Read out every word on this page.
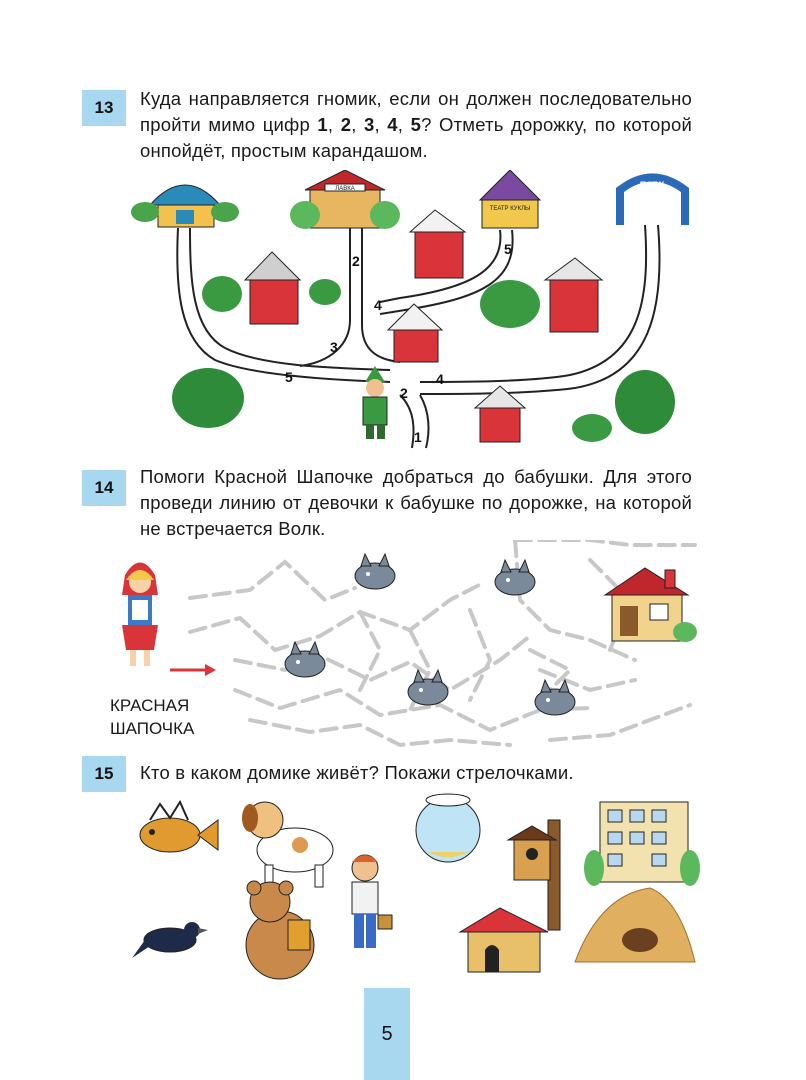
13	Куда направляется гномик, если он должен последовательно пройти мимо цифр 1, 2, 3, 4, 5? Отметь дорожку, по которой онпойдёт, простым карандашом.
ЛАВКА
ТЕАТР КУКЛЫ
ПАРК
1
2
2
3
4
4
5
5
14
Помоги Красной Шапочке добраться до бабушки. Для этого проведи линию от девочки к бабушке по дорожке, на которой не встречается Волк.
КРАСНАЯ
ШАПОЧКА
15	Кто в каком домике живёт? Покажи стрелочками.
5
